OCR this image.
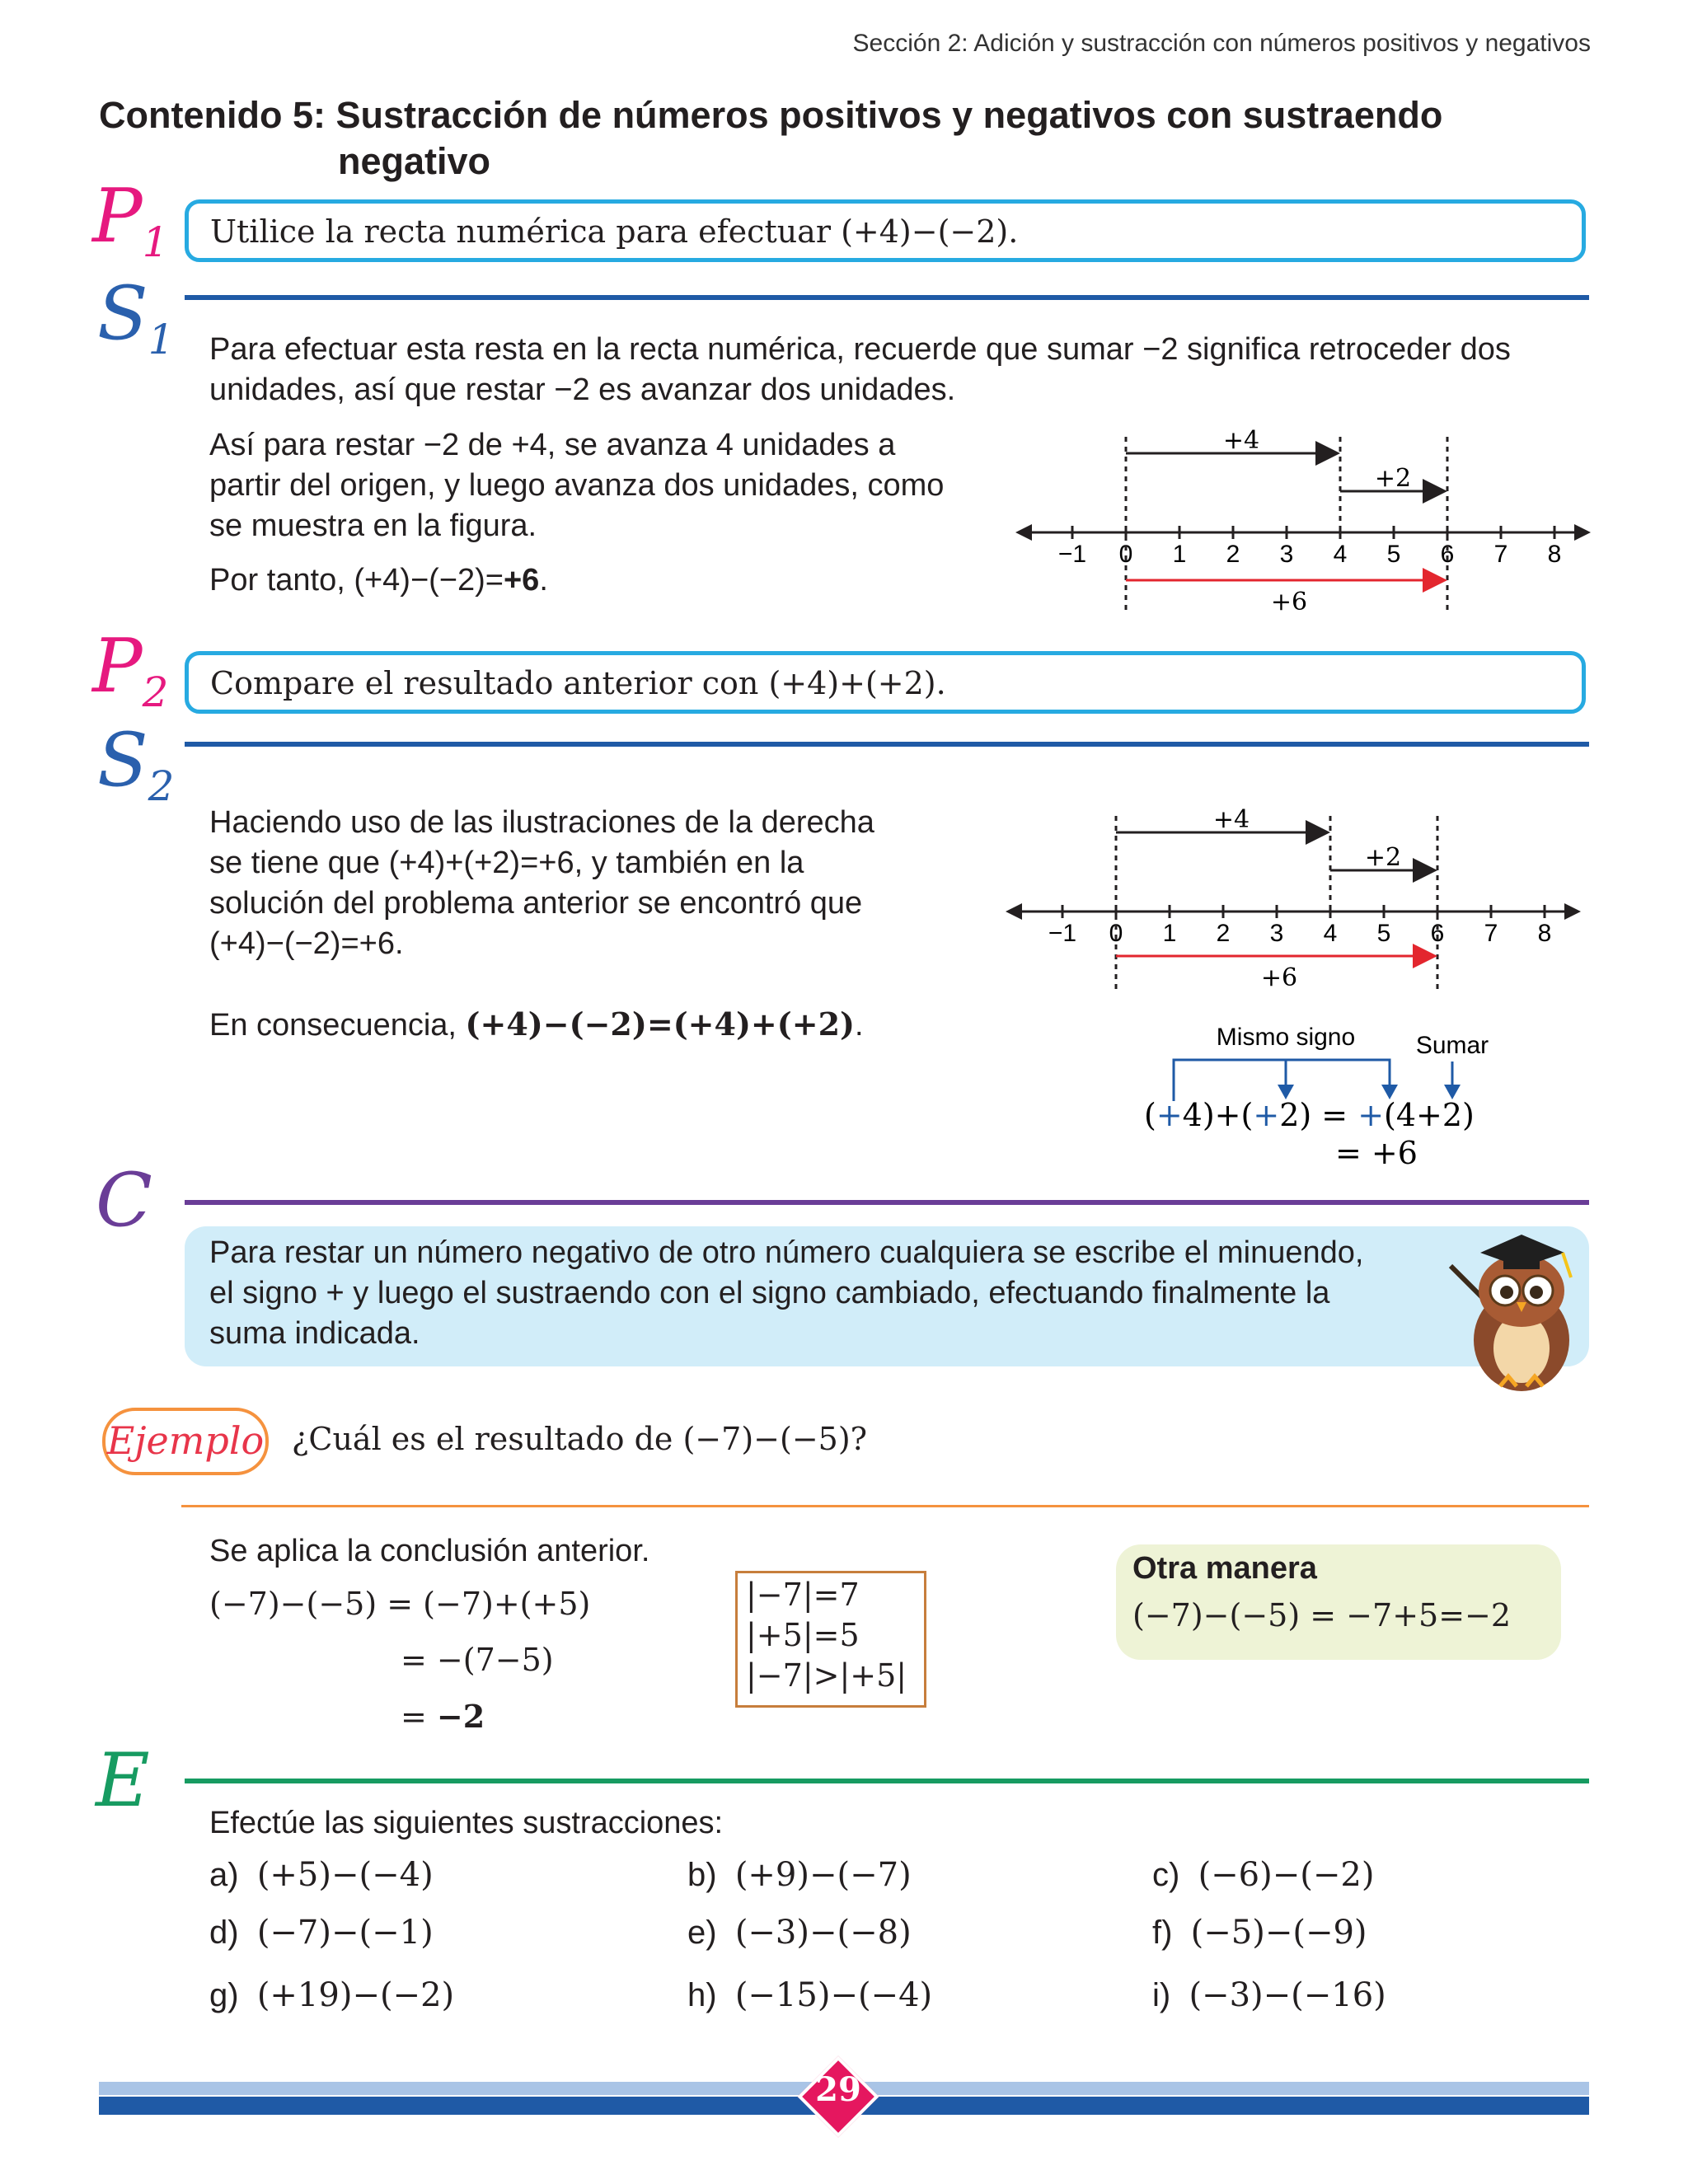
Sección 2: Adición y sustracción con números positivos y negativos
Contenido 5: Sustracción de números positivos y negativos con sustraendo
negativo
$P_1$	Utilice la recta numérica para efectuar (+4)−(−2).
$S_1$ Para efectuar esta resta en la recta numérica, recuerde que sumar −2 significa retroceder dos
unidades, así que restar −2 es avanzar dos unidades.
Así para restar −2 de +4, se avanza 4 unidades a
partir del origen, y luego avanza dos unidades, como
se muestra en la figura.
Por tanto, (+4)−(−2)=+6.
−1 0 1 2 3 4 5 6 7 8
+4
+2
+6
$P_2$	Compare el resultado anterior con (+4)+(+2).
$S_2$
Haciendo uso de las ilustraciones de la derecha
se tiene que (+4)+(+2)=+6, y también en la
solución del problema anterior se encontró que
(+4)−(−2)=+6.
En consecuencia, (+4)−(−2)=(+4)+(+2).
−1 0 1 2 3 4 5 6 7 8
+4
+2
+6
Mismo signo Sumar
(+4)+(+2) = +(4+2)
= +6
C
Para restar un número negativo de otro número cualquiera se escribe el minuendo,
el signo + y luego el sustraendo con el signo cambiado, efectuando finalmente la
suma indicada.
Ejemplo ¿Cuál es el resultado de (−7)−(−5)?
Se aplica la conclusión anterior.
(−7)−(−5) = (−7)+(+5)
= −(7−5)
= −2
|−7|=7
|+5|=5
|−7|>|+5|
Otra manera
(−7)−(−5) = −7+5=−2
E Efectúe las siguientes sustracciones:
a) (+5)−(−4)	b) (+9)−(−7)	c) (−6)−(−2)
d) (−7)−(−1)	e) (−3)−(−8)	f) (−5)−(−9)
g) (+19)−(−2)	h) (−15)−(−4)	i) (−3)−(−16)
29
